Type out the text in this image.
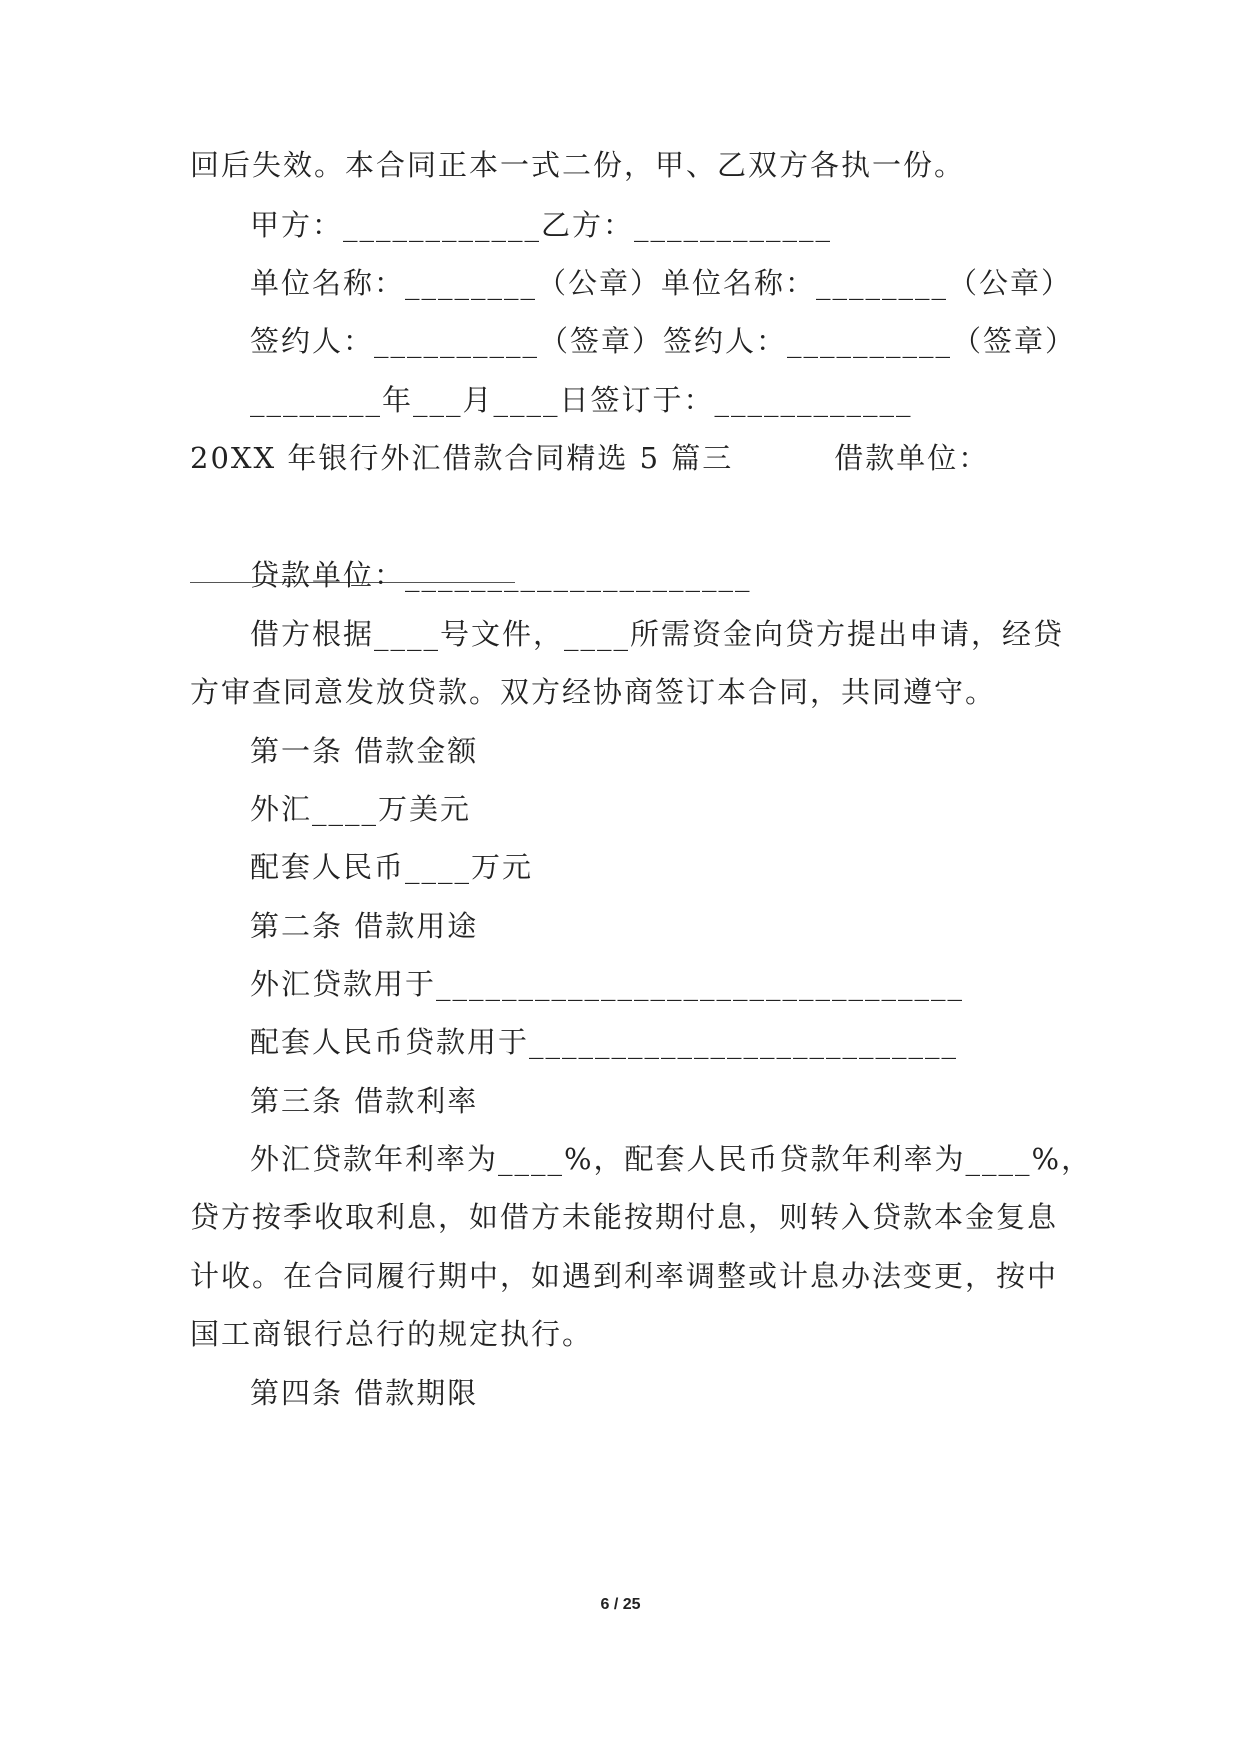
回后失效。本合同正本一式二份，甲、乙双方各执一份。

甲方：____________乙方：____________

单位名称：________（公章）单位名称：________（公章）

签约人：__________（签章）签约人：__________（签章）

________年___月____日签订于：____________

20XX 年银行外汇借款合同精选 5 篇三         借款单位：

贷款单位：_____________________

借方根据____号文件，____所需资金向贷方提出申请，经贷

方审查同意发放贷款。双方经协商签订本合同，共同遵守。

第一条 借款金额

外汇____万美元

配套人民币____万元

第二条 借款用途

外汇贷款用于________________________________

配套人民币贷款用于__________________________

第三条 借款利率

外汇贷款年利率为____%，配套人民币贷款年利率为____%，

贷方按季收取利息，如借方未能按期付息，则转入贷款本金复息

计收。在合同履行期中，如遇到利率调整或计息办法变更，按中

国工商银行总行的规定执行。

第四条 借款期限

6 / 25
